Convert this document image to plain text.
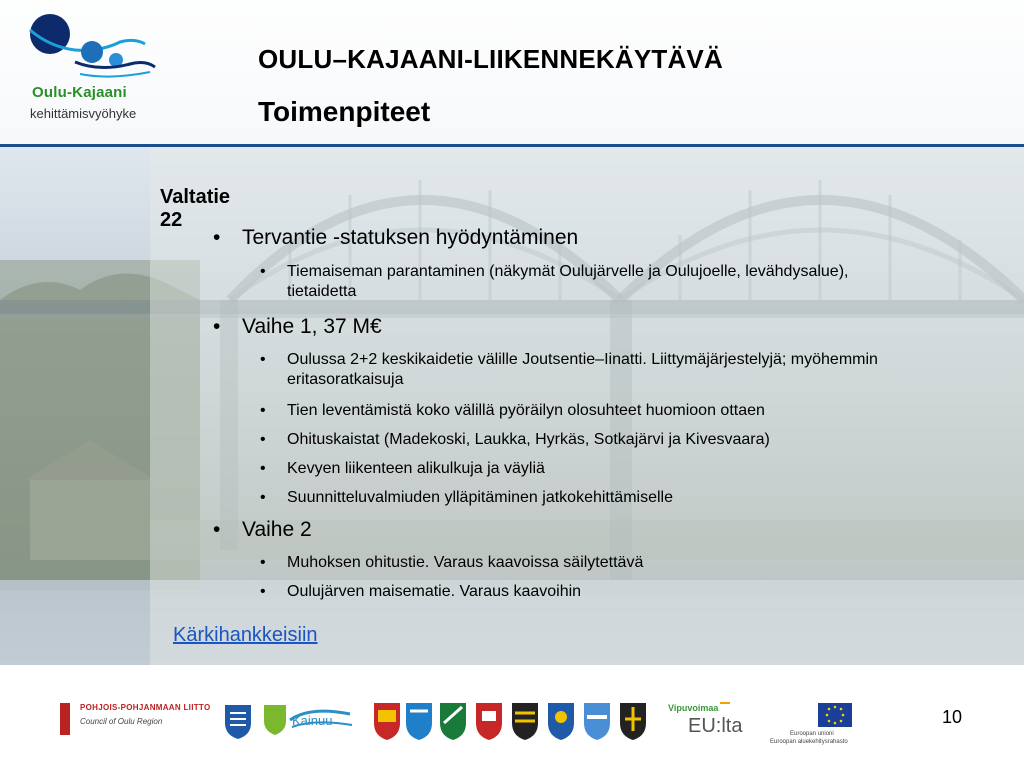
Oulu-Kajaani
kehittämisvyöhyke
OULU–KAJAANI-LIIKENNEKÄYTÄVÄ
Toimenpiteet
Valtatie 22
• Tervantie -statuksen hyödyntäminen
• Tiemaiseman parantaminen (näkymät Oulujärvelle ja Oulujoelle, levähdysalue), tietaidetta
• Vaihe 1, 37 M€
• Oulussa 2+2 keskikaidetie välille Joutsentie–Iinatti. Liittymäjärjestelyjä; myöhemmin eritasoratkaisuja
• Tien leventämistä koko välillä pyöräilyn olosuhteet huomioon ottaen
• Ohituskaistat (Madekoski, Laukka, Hyrkäs, Sotkajärvi ja Kivesvaara)
• Kevyen liikenteen alikulkuja ja väyliä
• Suunnitteluvalmiuden ylläpitäminen jatkokehittämiselle
• Vaihe 2
• Muhoksen ohitustie. Varaus kaavoissa säilytettävä
• Oulujärven maisematie. Varaus kaavoihin
Kärkihankkeisiin
POHJOIS-POHJANMAAN LIITTO
Council of Oulu Region	Kainuu
Vipuvoimaa
EU:lta	Euroopan unioni
Euroopan aluekehitysrahasto
10
